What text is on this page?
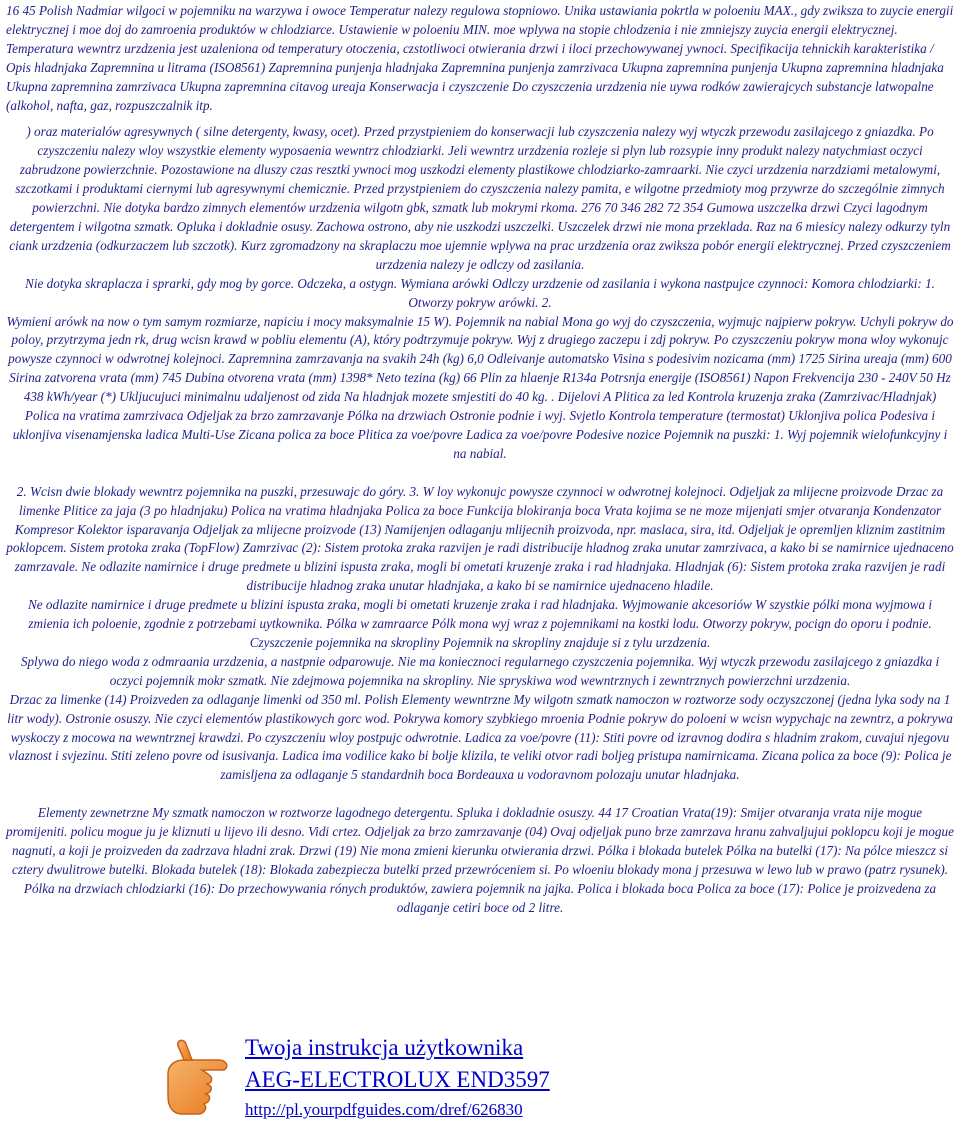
16 45 Polish Nadmiar wilgoci w pojemniku na warzywa i owoce Temperatur nalezy regulowa stopniowo. Unika ustawiania pokrtla w poloeniu MAX., gdy zwiksza to zuycie energii elektrycznej i moe doj do zamroenia produktów w chlodziarce. Ustawienie w poloeniu MIN. moe wplywa na stopie chlodzenia i nie zmniejszy zuycia energii elektrycznej. Temperatura wewntrz urzdzenia jest uzaleniona od temperatury otoczenia, czstotliwoci otwierania drzwi i iloci przechowywanej ywnoci. Specifikacija tehnickih karakteristika / Opis hladnjaka Zapremnina u litrama (ISO8561) Zapremnina punjenja hladnjaka Zapremnina punjenja zamrzivaca Ukupna zapremnina punjenja Ukupna zapremnina hladnjaka Ukupna zapremnina zamrzivaca Ukupna zapremnina citavog ureaja Konserwacja i czyszczenie Do czyszczenia urzdzenia nie uywa rodków zawierajcych substancje latwopalne (alkohol, nafta, gaz, rozpuszczalnik itp.

) oraz materialów agresywnych ( silne detergenty, kwasy, ocet). Przed przystpieniem do konserwacji lub czyszczenia nalezy wyj wtyczk przewodu zasilajcego z gniazdka. Po czyszczeniu nalezy wloy wszystkie elementy wyposaenia wewntrz chlodziarki. Jeli wewntrz urzdzenia rozleje si plyn lub rozsypie inny produkt nalezy natychmiast oczyci zabrudzone powierzchnie. Pozostawione na dluszy czas resztki ywnoci mog uszkodzi elementy plastikowe chlodziarko-zamraarki. Nie czyci urzdzenia narzdziami metalowymi, szczotkami i produktami ciernymi lub agresywnymi chemicznie. Przed przystpieniem do czyszczenia nalezy pamita, e wilgotne przedmioty mog przywrze do szczególnie zimnych powierzchni. Nie dotyka bardzo zimnych elementów urzdzenia wilgotn gbk, szmatk lub mokrymi rkoma. 276 70 346 282 72 354 Gumowa uszczelka drzwi Czyci lagodnym detergentem i wilgotna szmatk. Opluka i dokladnie osusy. Zachowa ostrono, aby nie uszkodzi uszczelki. Uszczelek drzwi nie mona przeklada. Raz na 6 miesicy nalezy odkurzy tyln ciank urzdzenia (odkurzaczem lub szczotk). Kurz zgromadzony na skraplaczu moe ujemnie wplywa na prac urzdzenia oraz zwiksza pobór energii elektrycznej. Przed czyszczeniem urzdzenia nalezy je odlczy od zasilania.

Nie dotyka skraplacza i sprarki, gdy mog by gorce. Odczeka, a ostygn. Wymiana arówki Odlczy urzdzenie od zasilania i wykona nastpujce czynnoci: Komora chlodziarki: 1. Otworzy pokryw arówki. 2.

Wymieni arówk na now o tym samym rozmiarze, napiciu i mocy maksymalnie 15 W). Pojemnik na nabial Mona go wyj do czyszczenia, wyjmujc najpierw pokryw. Uchyli pokryw do poloy, przytrzyma jedn rk, drug wcisn krawd w pobliu elementu (A), który podtrzymuje pokryw. Wyj z drugiego zaczepu i zdj pokryw. Po czyszczeniu pokryw mona wloy wykonujc powysze czynnoci w odwrotnej kolejnoci. Zapremnina zamrzavanja na svakih 24h (kg) 6,0 Odleivanje automatsko Visina s podesivim nozicama (mm) 1725 Sirina ureaja (mm) 600 Sirina zatvorena vrata (mm) 745 Dubina otvorena vrata (mm) 1398* Neto tezina (kg) 66 Plin za hlaenje R134a Potrsnja energije (ISO8561) Napon Frekvencija 230 - 240V 50 Hz 438 kWh/year (*) Ukljucujuci minimalnu udaljenost od zida Na hladnjak mozete smjestiti do 40 kg. . Dijelovi A Plitica za led Kontrola kruzenja zraka (Zamrzivac/Hladnjak) Polica na vratima zamrzivaca Odjeljak za brzo zamrzavanje Pólka na drzwiach Ostronie podnie i wyj. Svjetlo Kontrola temperature (termostat) Uklonjiva polica Podesiva i uklonjiva visenamjenska ladica Multi-Use Zicana polica za boce Plitica za voe/povre Ladica za voe/povre Podesive nozice Pojemnik na puszki: 1. Wyj pojemnik wielofunkcyjny i na nabial.

2. Wcisn dwie blokady wewntrz pojemnika na puszki, przesuwajc do góry. 3. W loy wykonujc powysze czynnoci w odwrotnej kolejnoci. Odjeljak za mlijecne proizvode Drzac za limenke Plitice za jaja (3 po hladnjaku) Polica na vratima hladnjaka Polica za boce Funkcija blokiranja boca Vrata kojima se ne moze mijenjati smjer otvaranja Kondenzator Kompresor Kolektor isparavanja Odjeljak za mlijecne proizvode (13) Namijenjen odlaganju mlijecnih proizvoda, npr. maslaca, sira, itd. Odjeljak je opremljen kliznim zastitnim poklopcem. Sistem protoka zraka (TopFlow) Zamrzivac (2): Sistem protoka zraka razvijen je radi distribucije hladnog zraka unutar zamrzivaca, a kako bi se namirnice ujednaceno zamrzavale. Ne odlazite namirnice i druge predmete u blizini ispusta zraka, mogli bi ometati kruzenje zraka i rad hladnjaka. Hladnjak (6): Sistem protoka zraka razvijen je radi distribucije hladnog zraka unutar hladnjaka, a kako bi se namirnice ujednaceno hladile.

Ne odlazite namirnice i druge predmete u blizini ispusta zraka, mogli bi ometati kruzenje zraka i rad hladnjaka. Wyjmowanie akcesoriów W szystkie pólki mona wyjmowa i zmienia ich poloenie, zgodnie z potrzebami uytkownika. Pólka w zamraarce Pólk mona wyj wraz z pojemnikami na kostki lodu. Otworzy pokryw, pocign do oporu i podnie. Czyszczenie pojemnika na skropliny Pojemnik na skropliny znajduje si z tylu urzdzenia.

Splywa do niego woda z odmraania urzdzenia, a nastpnie odparowuje. Nie ma koniecznoci regularnego czyszczenia pojemnika. Wyj wtyczk przewodu zasilajcego z gniazdka i oczyci pojemnik mokr szmatk. Nie zdejmowa pojemnika na skropliny. Nie spryskiwa wod wewntrznych i zewntrznych powierzchni urzdzenia.

Drzac za limenke (14) Proizveden za odlaganje limenki od 350 ml. Polish Elementy wewntrzne My wilgotn szmatk namoczon w roztworze sody oczyszczonej (jedna lyka sody na 1 litr wody). Ostronie osuszy. Nie czyci elementów plastikowych gorc wod. Pokrywa komory szybkiego mroenia Podnie pokryw do poloeni w wcisn wypychajc na zewntrz, a pokrywa wyskoczy z mocowa na wewntrznej krawdzi. Po czyszczeniu wloy postpujc odwrotnie. Ladica za voe/povre (11): Stiti povre od izravnog dodira s hladnim zrakom, cuvajui njegovu vlaznost i svjezinu. Stiti zeleno povre od isusivanja. Ladica ima vodilice kako bi bolje klizila, te veliki otvor radi boljeg pristupa namirnicama. Zicana polica za boce (9): Polica je zamisljena za odlaganje 5 standardnih boca Bordeauxa u vodoravnom polozaju unutar hladnjaka.

Elementy zewnetrzne My szmatk namoczon w roztworze lagodnego detergentu. Spluka i dokladnie osuszy. 44 17 Croatian Vrata(19): Smijer otvaranja vrata nije mogue promijeniti. policu mogue ju je kliznuti u lijevo ili desno. Vidi crtez. Odjeljak za brzo zamrzavanje (04) Ovaj odjeljak puno brze zamrzava hranu zahvaljujui poklopcu koji je mogue nagnuti, a koji je proizveden da zadrzava hladni zrak. Drzwi (19) Nie mona zmieni kierunku otwierania drzwi. Pólka i blokada butelek Pólka na butelki (17): Na pólce mieszcz si cztery dwulitrowe butelki. Blokada butelek (18): Blokada zabezpiecza butelki przed przewróceniem si. Po wloeniu blokady mona j przesuwa w lewo lub w prawo (patrz rysunek).

Pólka na drzwiach chlodziarki (16): Do przechowywania rónych produktów, zawiera pojemnik na jajka. Polica i blokada boca Polica za boce (17): Police je proizvedena za odlaganje cetiri boce od 2 litre.

Twoja instrukcja użytkownika
AEG-ELECTROLUX END3597
http://pl.yourpdfguides.com/dref/626830
